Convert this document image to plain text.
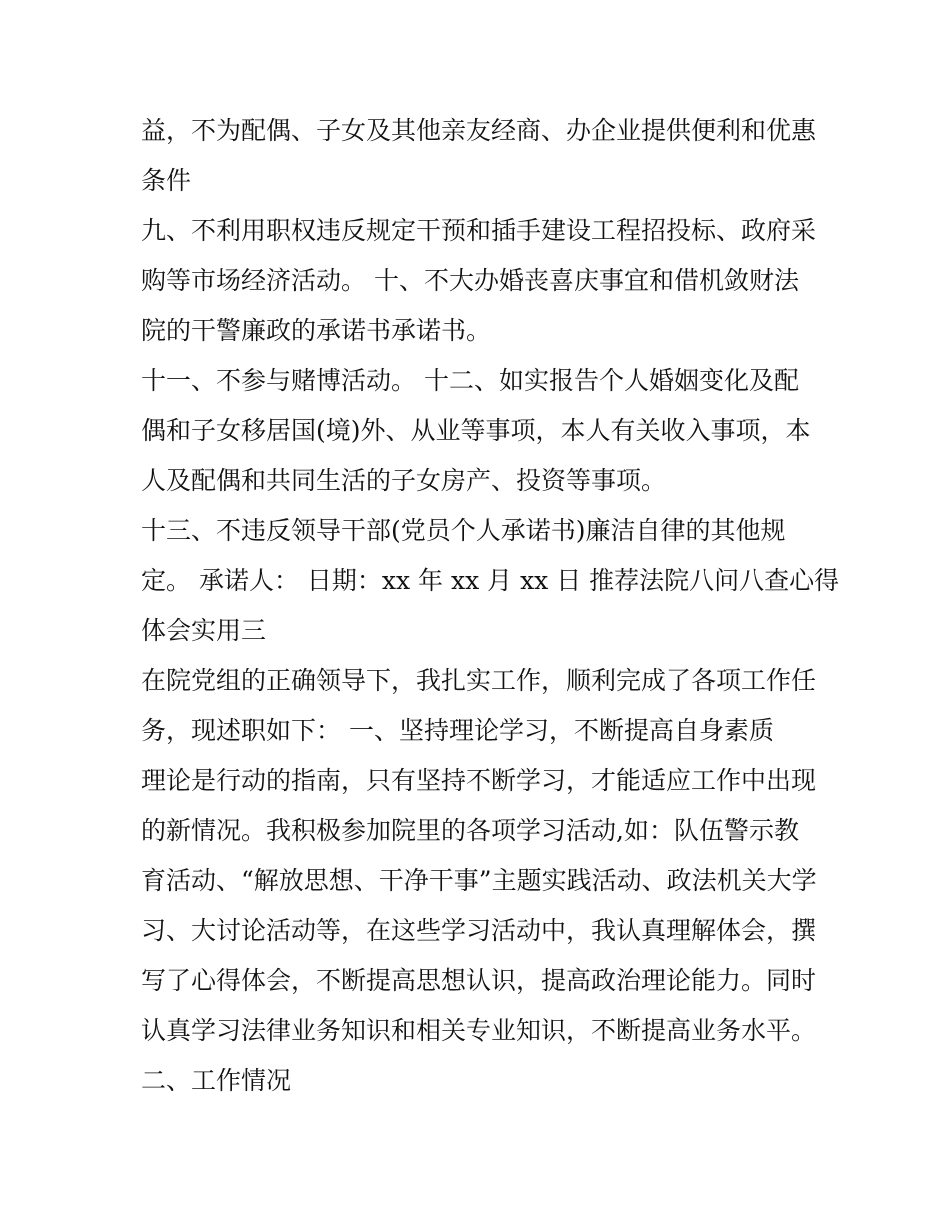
益，不为配偶、子女及其他亲友经商、办企业提供便利和优惠
条件
九、不利用职权违反规定干预和插手建设工程招投标、政府采
购等市场经济活动。 十、不大办婚丧喜庆事宜和借机敛财法
院的干警廉政的承诺书承诺书。
十一、不参与赌博活动。 十二、如实报告个人婚姻变化及配
偶和子女移居国(境)外、从业等事项，本人有关收入事项，本
人及配偶和共同生活的子女房产、投资等事项。
十三、不违反领导干部(党员个人承诺书)廉洁自律的其他规
定。 承诺人： 日期：xx 年 xx 月 xx 日 推荐法院八问八查心得
体会实用三
在院党组的正确领导下，我扎实工作，顺利完成了各项工作任
务，现述职如下： 一、坚持理论学习，不断提高自身素质
理论是行动的指南，只有坚持不断学习，才能适应工作中出现
的新情况。我积极参加院里的各项学习活动,如：队伍警示教
育活动、“解放思想、干净干事”主题实践活动、政法机关大学
习、大讨论活动等，在这些学习活动中，我认真理解体会，撰
写了心得体会，不断提高思想认识，提高政治理论能力。同时
认真学习法律业务知识和相关专业知识，不断提高业务水平。
二、工作情况
